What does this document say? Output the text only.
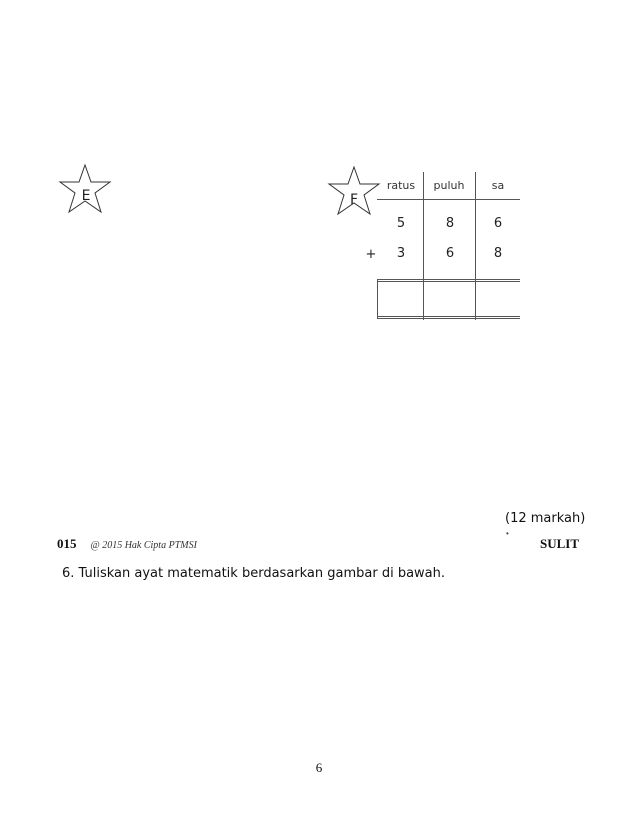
E	F
ratus	puluh	sa
5	8	6
+	3	6	8
(12 markah)
•
015 @ 2015 Hak Cipta PTMSI	SULIT
6. Tuliskan ayat matematik berdasarkan gambar di bawah.
6
